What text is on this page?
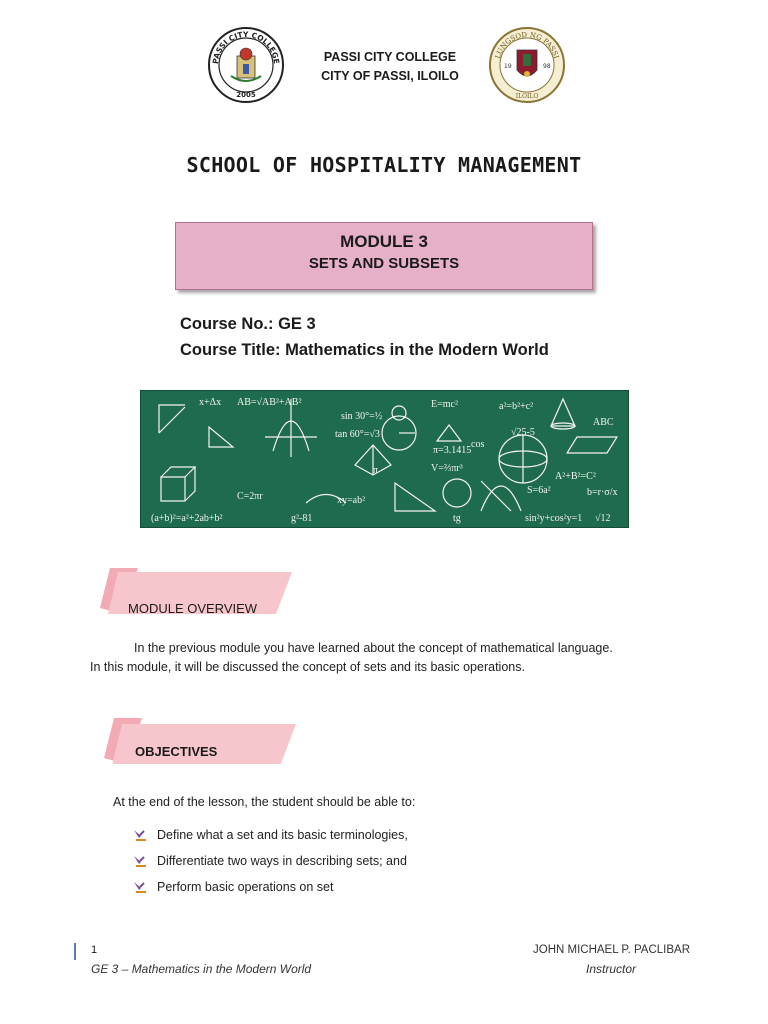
PASSI CITY COLLEGE
2005
PASSI CITY COLLEGE
CITY OF PASSI, ILOILO
LUNGSOD NG PASSI
19	98
ILOILO
SCHOOL OF HOSPITALITY MANAGEMENT
MODULE 3
SETS AND SUBSETS
Course No.: GE 3
Course Title: Mathematics in the Modern World
x+Δx AB=√AB²+AB²
sin 30°=½
E=mc²	a²=b²+c²
ABC
tan 60°=√3	√25-5
cos
π=3.1415
V=⅔πr³
A²+B²=C²
b=r·σ/x
C=2πr	xy=ab²
(a+b)²=a²+2ab+b²	g²-81	tg	sin²y+cos²y=1 √12
S=6a²
π
MODULE OVERVIEW
In the previous module you have learned about the concept of mathematical language.
In this module, it will be discussed the concept of sets and its basic operations.
OBJECTIVES
At the end of the lesson, the student should be able to:
Define what a set and its basic terminologies,
Differentiate two ways in describing sets; and
Perform basic operations on set
1
GE 3 – Mathematics in the Modern World
JOHN MICHAEL P. PACLIBAR
Instructor
